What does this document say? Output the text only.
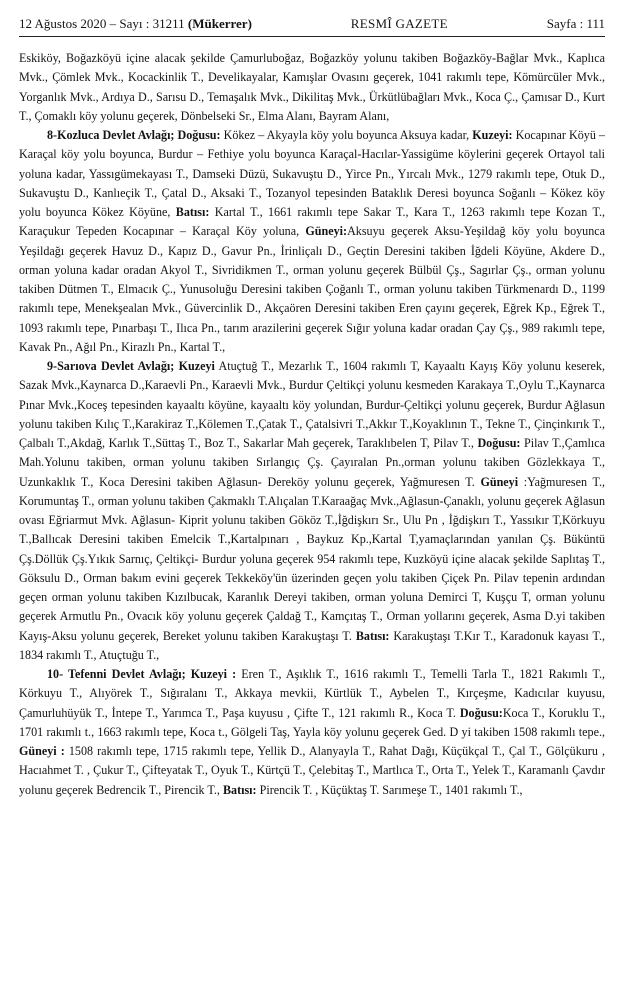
12 Ağustos 2020 – Sayı : 31211 (Mükerrer)	RESMÎ GAZETE	Sayfa : 111

Eskiköy, Boğazköyü içine alacak şekilde Çamurluboğaz, Boğazköy yolunu takiben Boğazköy-Bağlar Mvk., Kaplıca Mvk., Çömlek Mvk., Kocackinlik T., Develikayalar, Kamışlar Ovasını geçerek, 1041 rakımlı tepe, Kömürcüler Mvk., Yorganlık Mvk., Ardıya D., Sarısu D., Temaşalık Mvk., Dikilitaş Mvk., Ürkütlübağları Mvk., Koca Ç., Çamısar D., Kurt T., Çomaklı köy yolunu geçerek, Dönbelseki Sr., Elma Alanı, Bayram Alanı,

8-Kozluca Devlet Avlağı; Doğusu: Kökez – Akyayla köy yolu boyunca Aksuya kadar, Kuzeyi: Kocapınar Köyü – Karaçal köy yolu boyunca, Burdur – Fethiye yolu boyunca Karaçal-Hacılar-Yassigüme köylerini geçerek Ortayol tali yoluna kadar, Yassıgümekayası T., Damseki Düzü, Sukavuştu D., Yirce Pn., Yırcalı Mvk., 1279 rakımlı tepe, Otuk D., Sukavuştu D., Kanlıeçik T., Çatal D., Aksaki T., Tozanyol tepesinden Bataklık Deresi boyunca Soğanlı – Kökez köy yolu boyunca Kökez Köyüne, Batısı: Kartal T., 1661 rakımlı tepe Sakar T., Kara T., 1263 rakımlı tepe Kozan T., Karaçukur Tepeden Kocapınar – Karaçal Köy yoluna, Güneyi:Aksuyu geçerek Aksu-Yeşildağ köy yolu boyunca Yeşildağı geçerek Havuz D., Kapız D., Gavur Pn., İrinliçalı D., Geçtin Deresini takiben İğdeli Köyüne, Akdere D., orman yoluna kadar oradan Akyol T., Sivridikmen T., orman yolunu geçerek Bülbül Çş., Sagırlar Çş., orman yolunu takiben Dütmen T., Elmacık Ç., Yunusoluğu Deresini takiben Çoğanlı T., orman yolunu takiben Türkmenardı D., 1199 rakımlı tepe, Menekşealan Mvk., Güvercinlik D., Akçaören Deresini takiben Eren çayını geçerek, Eğrek Kp., Eğrek T., 1093 rakımlı tepe, Pınarbaşı T., Ilıca Pn., tarım arazilerini geçerek Sığır yoluna kadar oradan Çay Çş., 989 rakımlı tepe, Kavak Pn., Ağıl Pn., Kirazlı Pn., Kartal T.,

9-Sarıova Devlet Avlağı; Kuzeyi Atuçtuğ T., Mezarlık T., 1604 rakımlı T, Kayaaltı Kayış Köy yolunu keserek, Sazak Mvk.,Kaynarca D.,Karaevli Pn., Karaevli Mvk., Burdur Çeltikçi yolunu kesmeden Karakaya T.,Oylu T.,Kaynarca Pınar Mvk.,Koceş tepesinden kayaaltı köyüne, kayaaltı köy yolundan, Burdur-Çeltikçi yolunu geçerek, Burdur Ağlasun yolunu takiben Kılıç T.,Karakiraz T.,Kölemen T.,Çatak T., Çatalsivri T.,Akkır T.,Koyaklının T., Tekne T., Çinçinkırık T., Çalbalı T.,Akdağ, Karlık T.,Süttaş T., Boz T., Sakarlar Mah geçerek, Taraklıbelen T, Pilav T., Doğusu: Pilav T.,Çamlıca Mah.Yolunu takiben, orman yolunu takiben Sırlangıç Çş. Çayıralan Pn.,orman yolunu takiben Gözlekkaya T., Uzunkaklık T., Koca Deresini takiben Ağlasun- Dereköy yolunu geçerek, Yağmuresen T. Güneyi :Yağmuresen T., Korumuntaş T., orman yolunu takiben Çakmaklı T.Alıçalan T.Karaağaç Mvk.,Ağlasun-Çanaklı, yolunu geçerek Ağlasun ovası Eğriarmut Mvk. Ağlasun- Kiprit yolunu takiben Gököz T.,İğdişkırı Sr., Ulu Pn , İğdişkırı T., Yassıkır T,Körkuyu T.,Ballıcak Deresini takiben Emelcik T.,Kartalpınarı , Baykuz Kp.,Kartal T,yamaçlarından yanılan Çş. Büküntü Çş.Döllük Çş.Yıkık Sarnıç, Çeltikçi- Burdur yoluna geçerek 954 rakımlı tepe, Kuzköyü içine alacak şekilde Saplıtaş T., Göksulu D., Orman bakım evini geçerek Tekkeköy'ün üzerinden geçen yolu takiben Çiçek Pn. Pilav tepenin ardından geçen orman yolunu takiben Kızılbucak, Karanlık Dereyi takiben, orman yoluna Demirci T, Kuşçu T, orman yolunu geçerek Armutlu Pn., Ovacık köy yolunu geçerek Çaldağ T., Kamçıtaş T., Orman yollarını geçerek, Asma D.yi takiben Kayış-Aksu yolunu geçerek, Bereket yolunu takiben Karakuştaşı T. Batısı: Karakuştaşı T.Kır T., Karadonuk kayası T., 1834 rakımlı T., Atuçtuğu T.,

10- Tefenni Devlet Avlağı; Kuzeyi : Eren T., Aşıklık T., 1616 rakımlı T., Temelli Tarla T., 1821 Rakımlı T., Körkuyu T., Alıyörek T., Sığıralanı T., Akkaya mevkii, Kürtlük T., Aybelen T., Kırçeşme, Kadıcılar kuyusu, Çamurluhüyük T., İntepe T., Yarımca T., Paşa kuyusu , Çifte T., 121 rakımlı R., Koca T. Doğusu:Koca T., Koruklu T., 1701 rakımlı t., 1663 rakımlı tepe, Koca t., Gölgeli Taş, Yayla köy yolunu geçerek Ged. D yi takiben 1508 rakımlı tepe., Güneyi : 1508 rakımlı tepe, 1715 rakımlı tepe, Yellik D., Alanyayla T., Rahat Dağı, Küçükçal T., Çal T., Gölçükuru , Hacıahmet T. , Çukur T., Çifteyatak T., Oyuk T., Kürtçü T., Çelebitaş T., Martlıca T., Orta T., Yelek T., Karamanlı Çavdır yolunu geçerek Bedrencik T., Pirencik T., Batısı: Pirencik T. , Küçüktaş T. Sarımeşe T., 1401 rakımlı T.,
